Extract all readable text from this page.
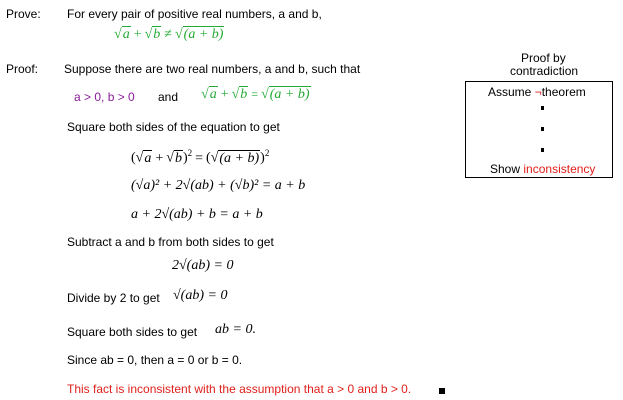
Prove: For every pair of positive real numbers, a and b,
√a + √b ≠ √(a + b)
Proof: Suppose there are two real numbers, a and b, such that
a > 0, b > 0 and √a + √b = √(a + b)
Square both sides of the equation to get
$(√a + √b)^2 = (√(a + b))^2$
(√a)² + 2√(ab) + (√b)² = a + b
a + 2√(ab) + b = a + b
Subtract a and b from both sides to get
2√(ab) = 0
Divide by 2 to get √(ab) = 0
Square both sides to get ab = 0.
Since ab = 0, then a = 0 or b = 0.
This fact is inconsistent with the assumption that a > 0 and b > 0.
Proof by
contradiction
Assume ¬theorem
Show inconsistency
